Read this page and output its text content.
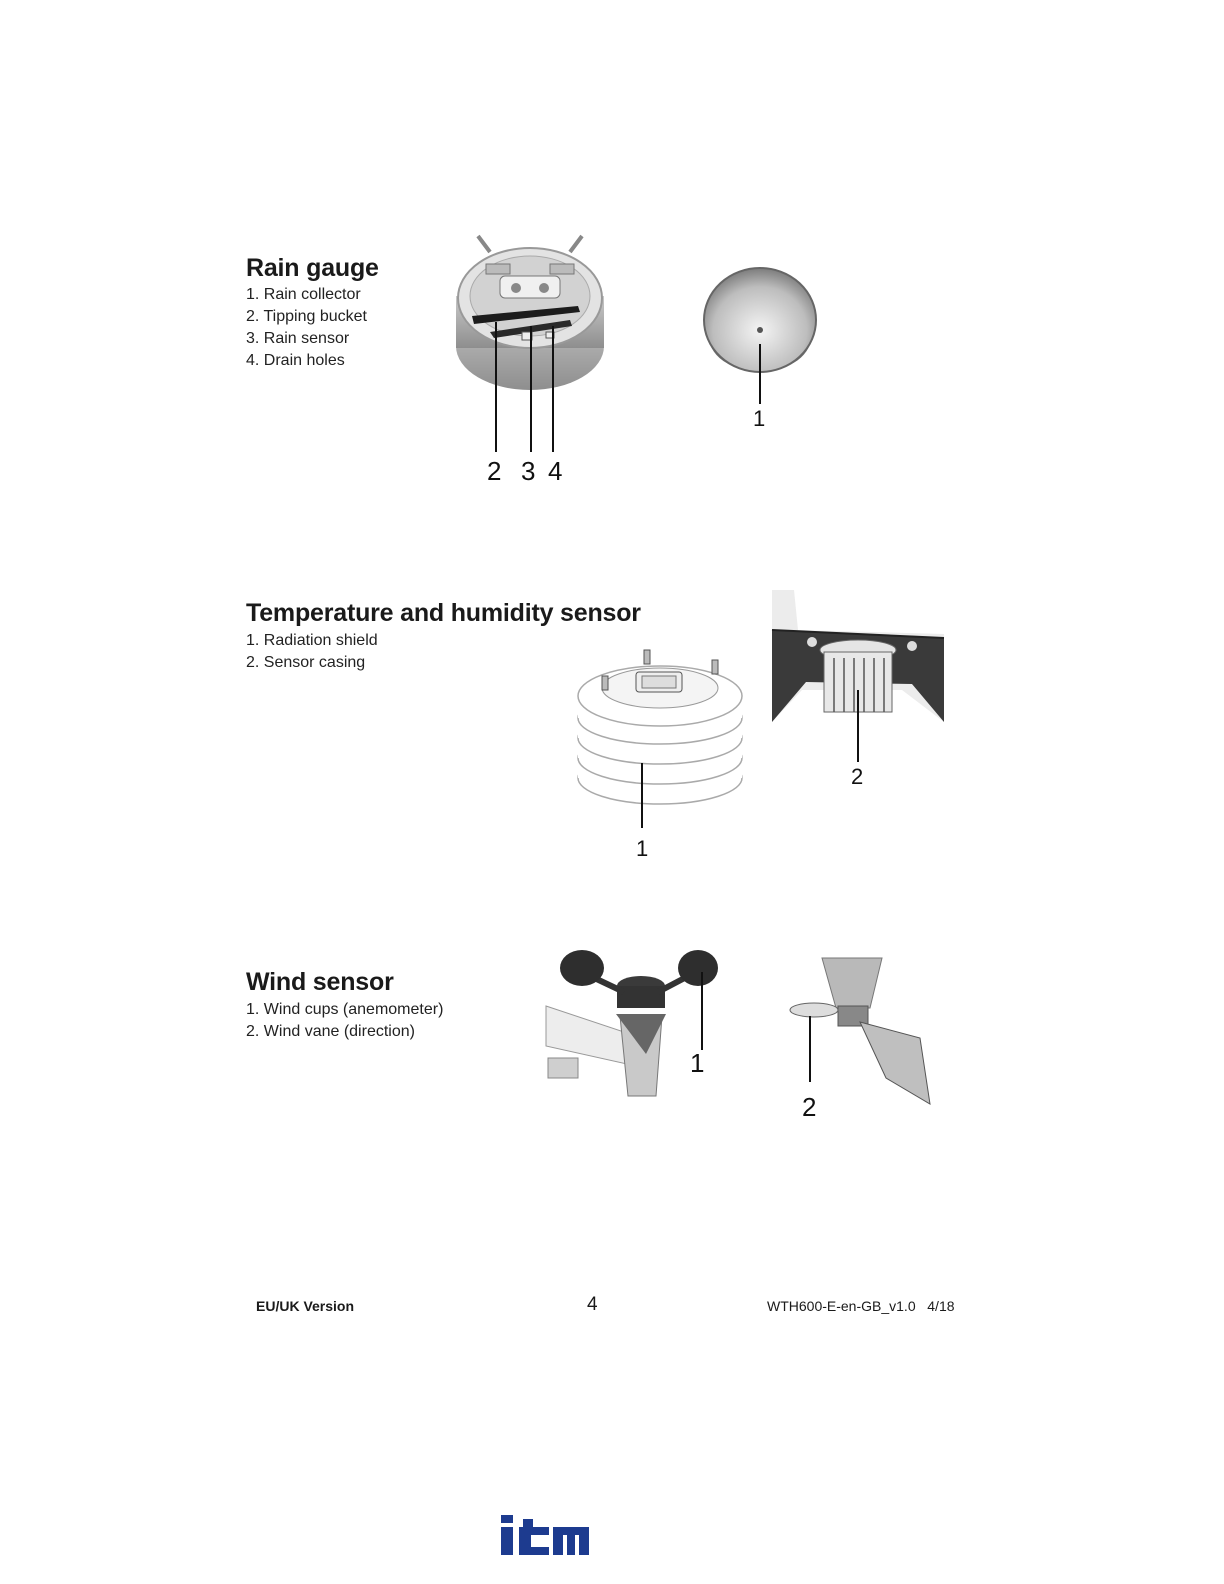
Rain gauge
1. Rain collector
2. Tipping bucket
3. Rain sensor
4. Drain holes
2 3 4
1
Temperature and humidity sensor
1. Radiation shield
2. Sensor casing
1
2
Wind sensor
1. Wind cups (anemometer)
2. Wind vane (direction)
1
2
EU/UK Version	4	WTH600-E-en-GB_v1.0   4/18
